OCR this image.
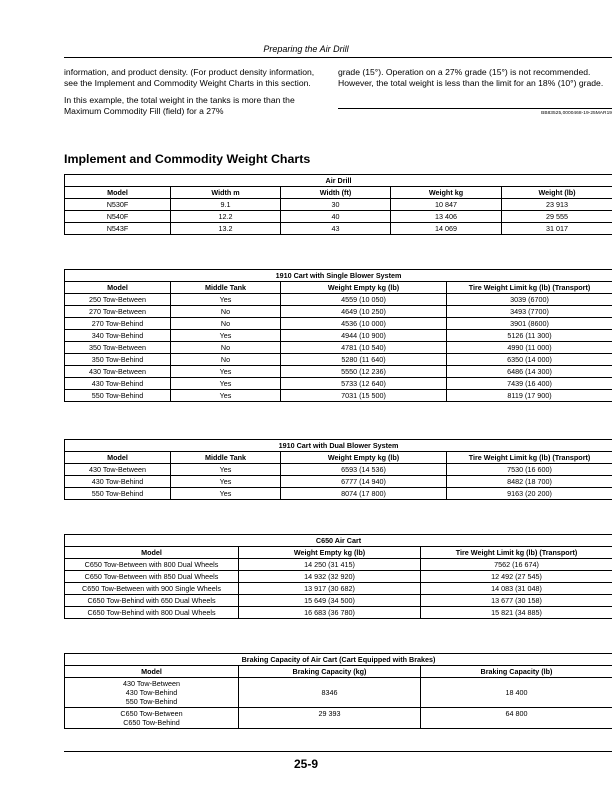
Preparing the Air Drill

information, and product density. (For product density information, see the Implement and Commodity Weight Charts in this section.

In this example, the total weight in the tanks is more than the Maximum Commodity Fill (field) for a 27%

grade (15°). Operation on a 27% grade (15°) is not recommended. However, the total weight is less than the limit for an 18% (10°) grade.

BB83525,0000468-19-25MAR19
Implement and Commodity Weight Charts
Air Drill				
Model	Width m	Width (ft)	Weight kg	Weight (lb)
N530F	9.1	30	10 847	23 913
N540F	12.2	40	13 406	29 555
N543F	13.2	43	14 069	31 017
1910 Cart with Single Blower System			
Model	Middle Tank	Weight Empty kg (lb)	Tire Weight Limit kg (lb) (Transport)
250 Tow-Between	Yes	4559 (10 050)	3039 (6700)
270 Tow-Between	No	4649 (10 250)	3493 (7700)
270 Tow-Behind	No	4536 (10 000)	3901 (8600)
340 Tow-Behind	Yes	4944 (10 900)	5126 (11 300)
350 Tow-Between	No	4781 (10 540)	4990 (11 000)
350 Tow-Behind	No	5280 (11 640)	6350 (14 000)
430 Tow-Between	Yes	5550 (12 236)	6486 (14 300)
430 Tow-Behind	Yes	5733 (12 640)	7439 (16 400)
550 Tow-Behind	Yes	7031 (15 500)	8119 (17 900)
1910 Cart with Dual Blower System			
Model	Middle Tank	Weight Empty kg (lb)	Tire Weight Limit kg (lb) (Transport)
430 Tow-Between	Yes	6593 (14 536)	7530 (16 600)
430 Tow-Behind	Yes	6777 (14 940)	8482 (18 700)
550 Tow-Behind	Yes	8074 (17 800)	9163 (20 200)
C650 Air Cart		
Model	Weight Empty kg (lb)	Tire Weight Limit kg (lb) (Transport)
C650 Tow-Between with 800 Dual Wheels	14 250 (31 415)	7562 (16 674)
C650 Tow-Between with 850 Dual Wheels	14 932 (32 920)	12 492 (27 545)
C650 Tow-Between with 900 Single Wheels	13 917 (30 682)	14 083 (31 048)
C650 Tow-Behind with 650 Dual Wheels	15 649 (34 500)	13 677 (30 158)
C650 Tow-Behind with 800 Dual Wheels	16 683 (36 780)	15 821 (34 885)
Braking Capacity of Air Cart (Cart Equipped with Brakes)		
Model	Braking Capacity (kg)	Braking Capacity (lb)

430 Tow-Between
430 Tow-Behind
550 Tow-Behind	8346	18 400

C650 Tow-Between
C650 Tow-Behind	29 393	64 800
25-9
